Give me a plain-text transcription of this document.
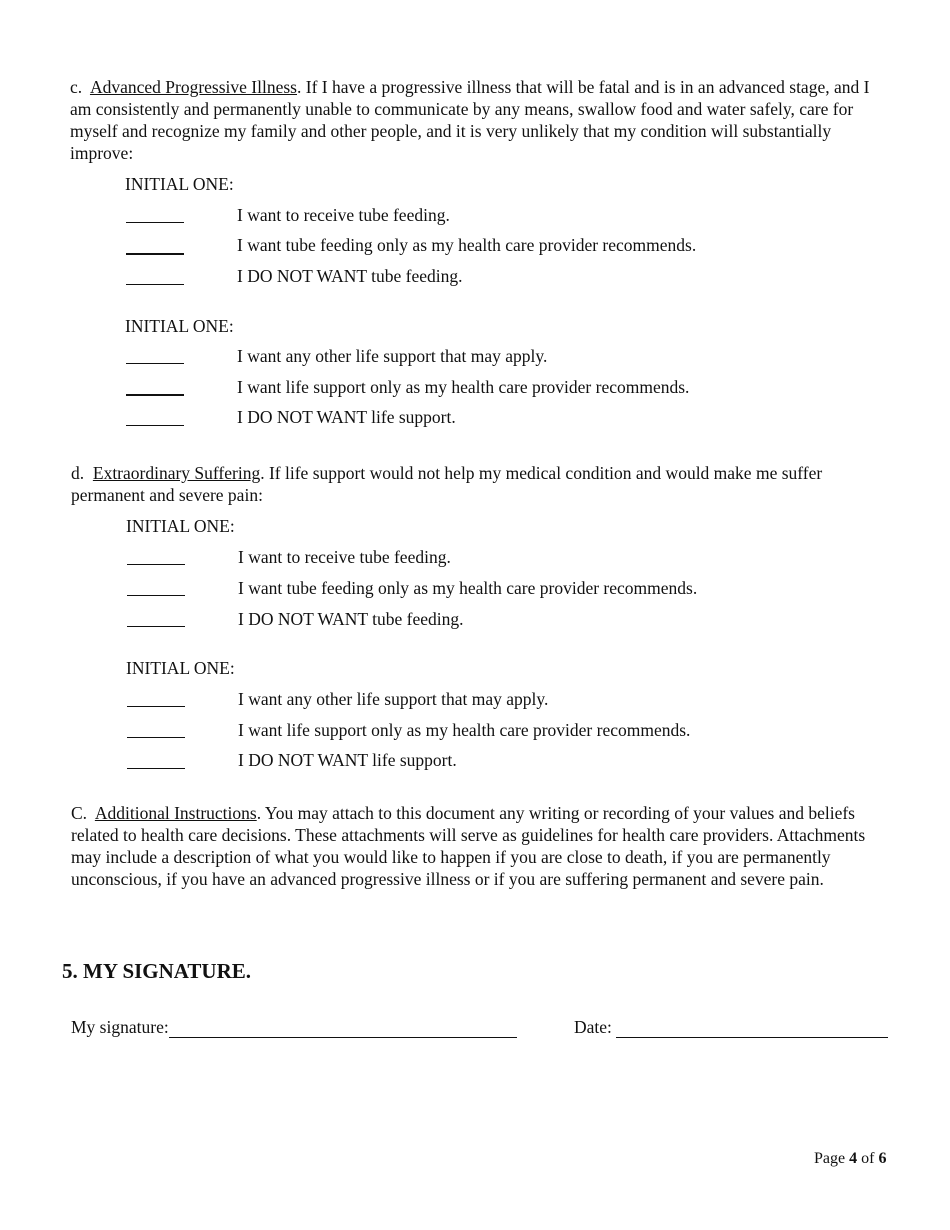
c. Advanced Progressive Illness. If I have a progressive illness that will be fatal and is in an advanced stage, and I am consistently and permanently unable to communicate by any means, swallow food and water safely, care for myself and recognize my family and other people, and it is very unlikely that my condition will substantially improve:
INITIAL ONE:
I want to receive tube feeding.
I want tube feeding only as my health care provider recommends.
I DO NOT WANT tube feeding.
INITIAL ONE:
I want any other life support that may apply.
I want life support only as my health care provider recommends.
I DO NOT WANT life support.
d. Extraordinary Suffering. If life support would not help my medical condition and would make me suffer permanent and severe pain:
INITIAL ONE:
I want to receive tube feeding.
I want tube feeding only as my health care provider recommends.
I DO NOT WANT tube feeding.
INITIAL ONE:
I want any other life support that may apply.
I want life support only as my health care provider recommends.
I DO NOT WANT life support.
C. Additional Instructions. You may attach to this document any writing or recording of your values and beliefs related to health care decisions. These attachments will serve as guidelines for health care providers. Attachments may include a description of what you would like to happen if you are close to death, if you are permanently unconscious, if you have an advanced progressive illness or if you are suffering permanent and severe pain.
5. MY SIGNATURE.
My signature:	Date:
Page 4 of 6
